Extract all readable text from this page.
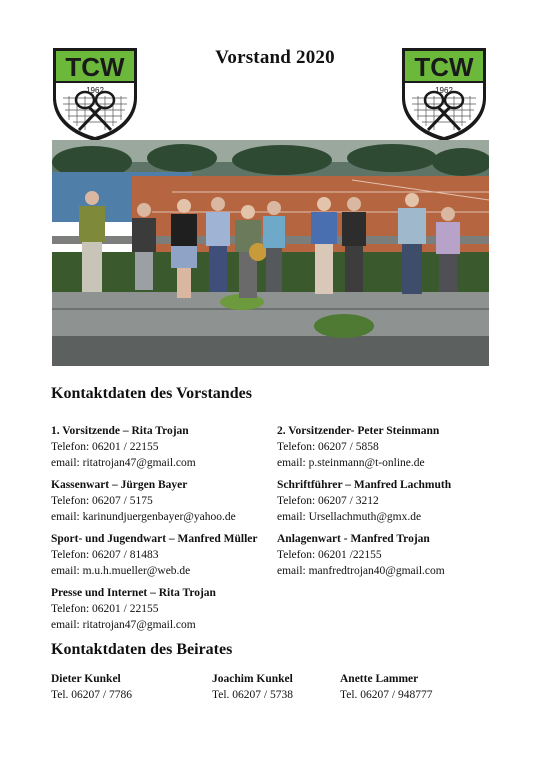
TCW
1962
Vorstand 2020	TCW
1962
Kontaktdaten des Vorstandes
1. Vorsitzende – Rita Trojan
Telefon: 06201 / 22155
email: ritatrojan47@gmail.com
2. Vorsitzender- Peter Steinmann
Telefon: 06207 / 5858
email: p.steinmann@t-online.de
Kassenwart – Jürgen Bayer
Telefon: 06207 / 5175
email: karinundjuergenbayer@yahoo.de
Schriftführer – Manfred Lachmuth
Telefon: 06207 / 3212
email: Ursellachmuth@gmx.de
Sport- und Jugendwart – Manfred Müller
Telefon: 06207 / 81483
email: m.u.h.mueller@web.de
Anlagenwart - Manfred Trojan
Telefon: 06201 /22155
email: manfredtrojan40@gmail.com
Presse und Internet – Rita Trojan
Telefon: 06201 / 22155
email: ritatrojan47@gmail.com
Kontaktdaten des Beirates
Dieter Kunkel
Tel. 06207 / 7786
Joachim Kunkel
Tel. 06207 / 5738
Anette Lammer
Tel. 06207 / 948777
